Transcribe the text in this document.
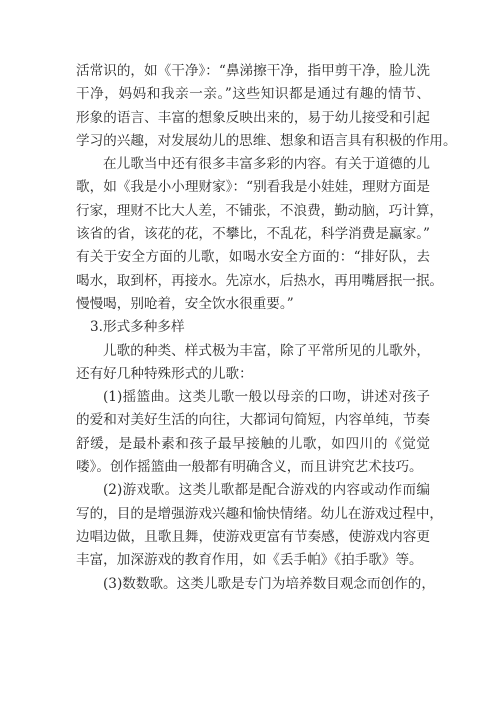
活常识的，如《干净》：“鼻涕擦干净，指甲剪干净，脸儿洗
干净，妈妈和我亲一亲。”这些知识都是通过有趣的情节、
形象的语言、丰富的想象反映出来的，易于幼儿接受和引起
学习的兴趣，对发展幼儿的思维、想象和语言具有积极的作用。
在儿歌当中还有很多丰富多彩的内容。有关于道德的儿
歌，如《我是小小理财家》：“别看我是小娃娃，理财方面是
行家，理财不比大人差，不铺张，不浪费，勤动脑，巧计算，
该省的省，该花的花，不攀比，不乱花，科学消费是赢家。”
有关于安全方面的儿歌，如喝水安全方面的：“排好队，去
喝水，取到杯，再接水。先凉水，后热水，再用嘴唇抿一抿。
慢慢喝，别呛着，安全饮水很重要。”
3.形式多种多样
儿歌的种类、样式极为丰富，除了平常所见的儿歌外，
还有好几种特殊形式的儿歌：
(1)摇篮曲。这类儿歌一般以母亲的口吻，讲述对孩子
的爱和对美好生活的向往，大都词句简短，内容单纯，节奏
舒缓，是最朴素和孩子最早接触的儿歌，如四川的《觉觉
喽》。创作摇篮曲一般都有明确含义，而且讲究艺术技巧。
(2)游戏歌。这类儿歌都是配合游戏的内容或动作而编
写的，目的是增强游戏兴趣和愉快情绪。幼儿在游戏过程中，
边唱边做，且歌且舞，使游戏更富有节奏感，使游戏内容更
丰富，加深游戏的教育作用，如《丢手帕》《拍手歌》等。
(3)数数歌。这类儿歌是专门为培养数目观念而创作的，
